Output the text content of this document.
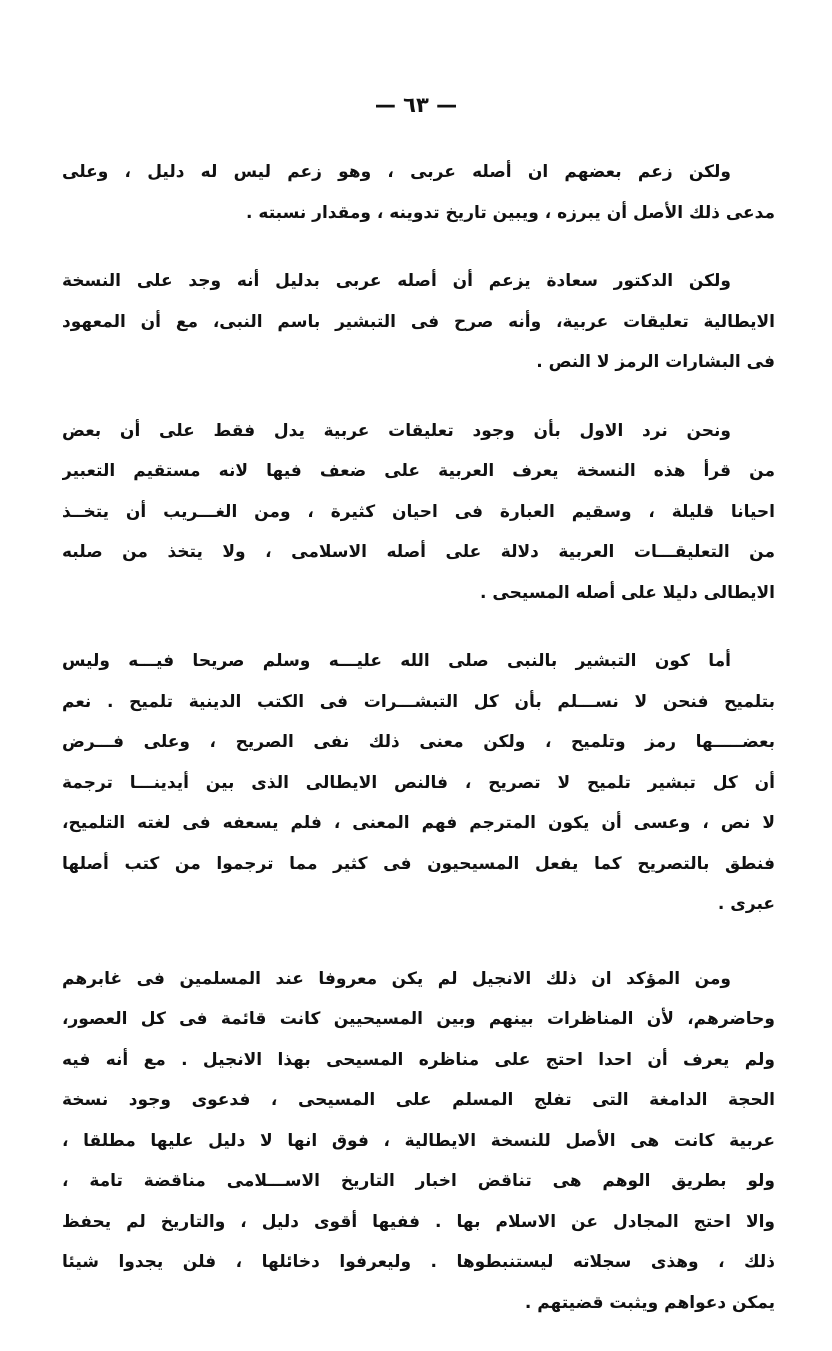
— ٦٣ —
ولكن زعم بعضهم ان أصله عربى ، وهو زعم ليس له دليل ، وعلى
مدعى ذلك الأصل أن يبرزه ، ويبين تاريخ تدوينه ، ومقدار نسبته .
ولكن الدكتور سعادة يزعم أن أصله عربى بدليل أنه وجد على النسخة
الايطالية تعليقات عربية، وأنه صرح فى التبشير باسم النبى، مع أن المعهود
فى البشارات الرمز لا النص .
ونحن نرد الاول بأن وجود تعليقات عربية يدل فقط على أن بعض
من قرأ هذه النسخة يعرف العربية على ضعف فيها لانه مستقيم التعبير
احيانا قليلة ، وسقيم العبارة فى احيان كثيرة ، ومن الغـــريب أن يتخــذ
من التعليقـــات العربية دلالة على أصله الاسلامى ، ولا يتخذ من صلبه
الايطالى دليلا على أصله المسيحى .
أما كون التبشير بالنبى صلى الله عليـــه وسلم صريحا فيـــه وليس
بتلميح فنحن لا نســـلم بأن كل التبشـــرات فى الكتب الدينية تلميح . نعم
بعضـــــها رمز وتلميح ، ولكن معنى ذلك نفى الصريح ، وعلى فـــرض
أن كل تبشير تلميح لا تصريح ، فالنص الايطالى الذى بين أيدينـــا ترجمة
لا نص ، وعسى أن يكون المترجم فهم المعنى ، فلم يسعفه فى لغته التلميح،
فنطق بالتصريح كما يفعل المسيحيون فى كثير مما ترجموا من كتب أصلها
عبرى .
ومن المؤكد ان ذلك الانجيل لم يكن معروفا عند المسلمين فى غابرهم
وحاضرهم، لأن المناظرات بينهم وبين المسيحيين كانت قائمة فى كل العصور،
ولم يعرف أن احدا احتج على مناظره المسيحى بهذا الانجيل . مع أنه فيه
الحجة الدامغة التى تفلج المسلم على المسيحى ، فدعوى وجود نسخة
عربية كانت هى الأصل للنسخة الايطالية ، فوق انها لا دليل عليها مطلقا ،
ولو بطريق الوهم هى تناقض اخبار التاريخ الاســـلامى مناقضة تامة ،
والا احتج المجادل عن الاسلام بها . ففيها أقوى دليل ، والتاريخ لم يحفظ
ذلك ، وهذى سجلاته ليستنبطوها . وليعرفوا دخائلها ، فلن يجدوا شيئا
يمكن دعواهم ويثبت قضيتهم .
